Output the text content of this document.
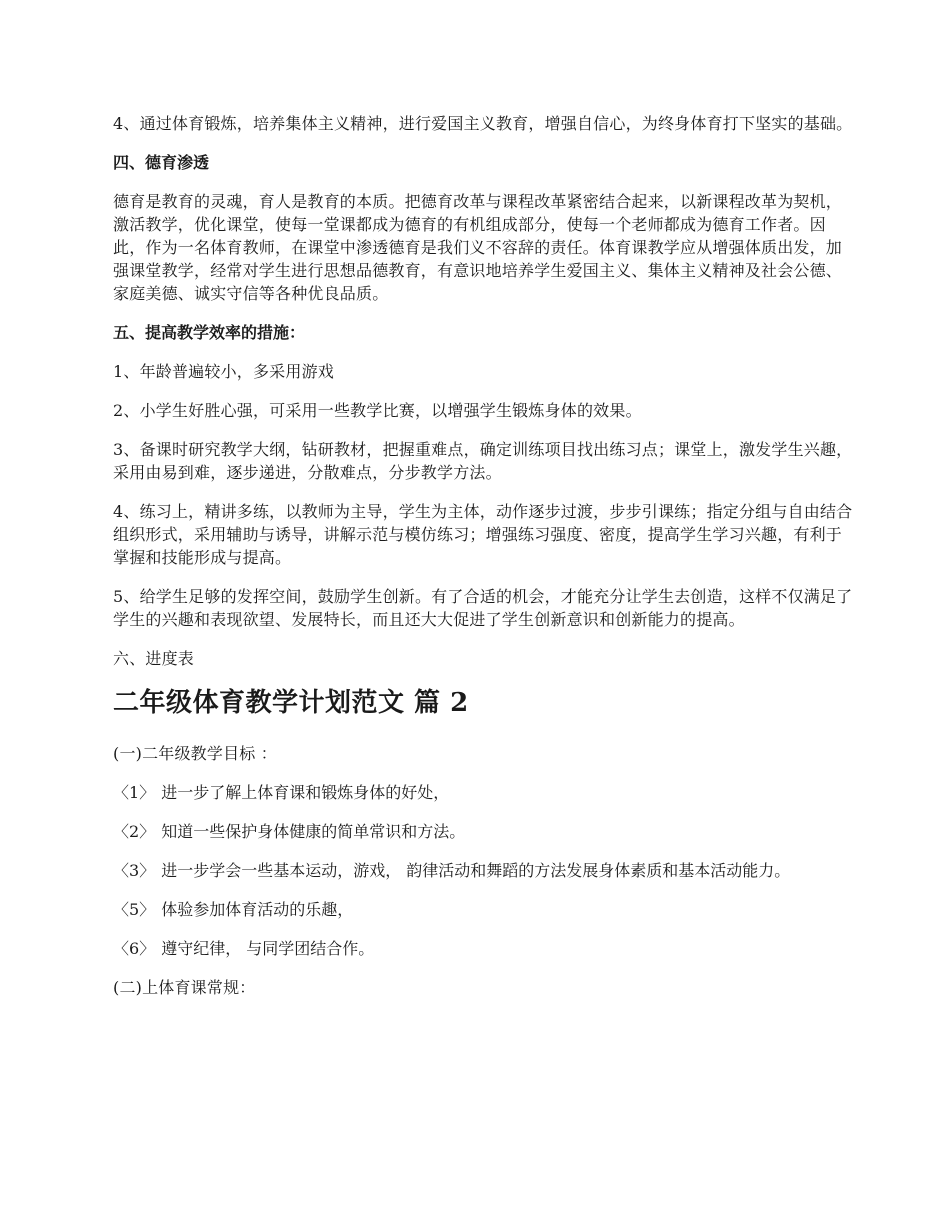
4、通过体育锻炼，培养集体主义精神，进行爱国主义教育，增强自信心，为终身体育打下坚实的基础。

四、德育渗透

德育是教育的灵魂，育人是教育的本质。把德育改革与课程改革紧密结合起来，以新课程改革为契机，激活教学，优化课堂，使每一堂课都成为德育的有机组成部分，使每一个老师都成为德育工作者。因此，作为一名体育教师，在课堂中渗透德育是我们义不容辞的责任。体育课教学应从增强体质出发，加强课堂教学，经常对学生进行思想品德教育，有意识地培养学生爱国主义、集体主义精神及社会公德、家庭美德、诚实守信等各种优良品质。

五、提高教学效率的措施：

1、年龄普遍较小，多采用游戏

2、小学生好胜心强，可采用一些教学比赛，以增强学生锻炼身体的效果。

3、备课时研究教学大纲，钻研教材，把握重难点，确定训练项目找出练习点；课堂上，激发学生兴趣，采用由易到难，逐步递进，分散难点，分步教学方法。

4、练习上，精讲多练，以教师为主导，学生为主体，动作逐步过渡，步步引课练；指定分组与自由结合组织形式，采用辅助与诱导，讲解示范与模仿练习；增强练习强度、密度，提高学生学习兴趣，有利于掌握和技能形成与提高。

5、给学生足够的发挥空间，鼓励学生创新。有了合适的机会，才能充分让学生去创造，这样不仅满足了学生的兴趣和表现欲望、发展特长，而且还大大促进了学生创新意识和创新能力的提高。

六、进度表

二年级体育教学计划范文 篇 2

(一)二年级教学目标 ：

〈1〉 进一步了解上体育课和锻炼身体的好处，

〈2〉 知道一些保护身体健康的简单常识和方法。

〈3〉 进一步学会一些基本运动，游戏， 韵律活动和舞蹈的方法发展身体素质和基本活动能力。

〈5〉 体验参加体育活动的乐趣，

〈6〉 遵守纪律， 与同学团结合作。

(二)上体育课常规：
